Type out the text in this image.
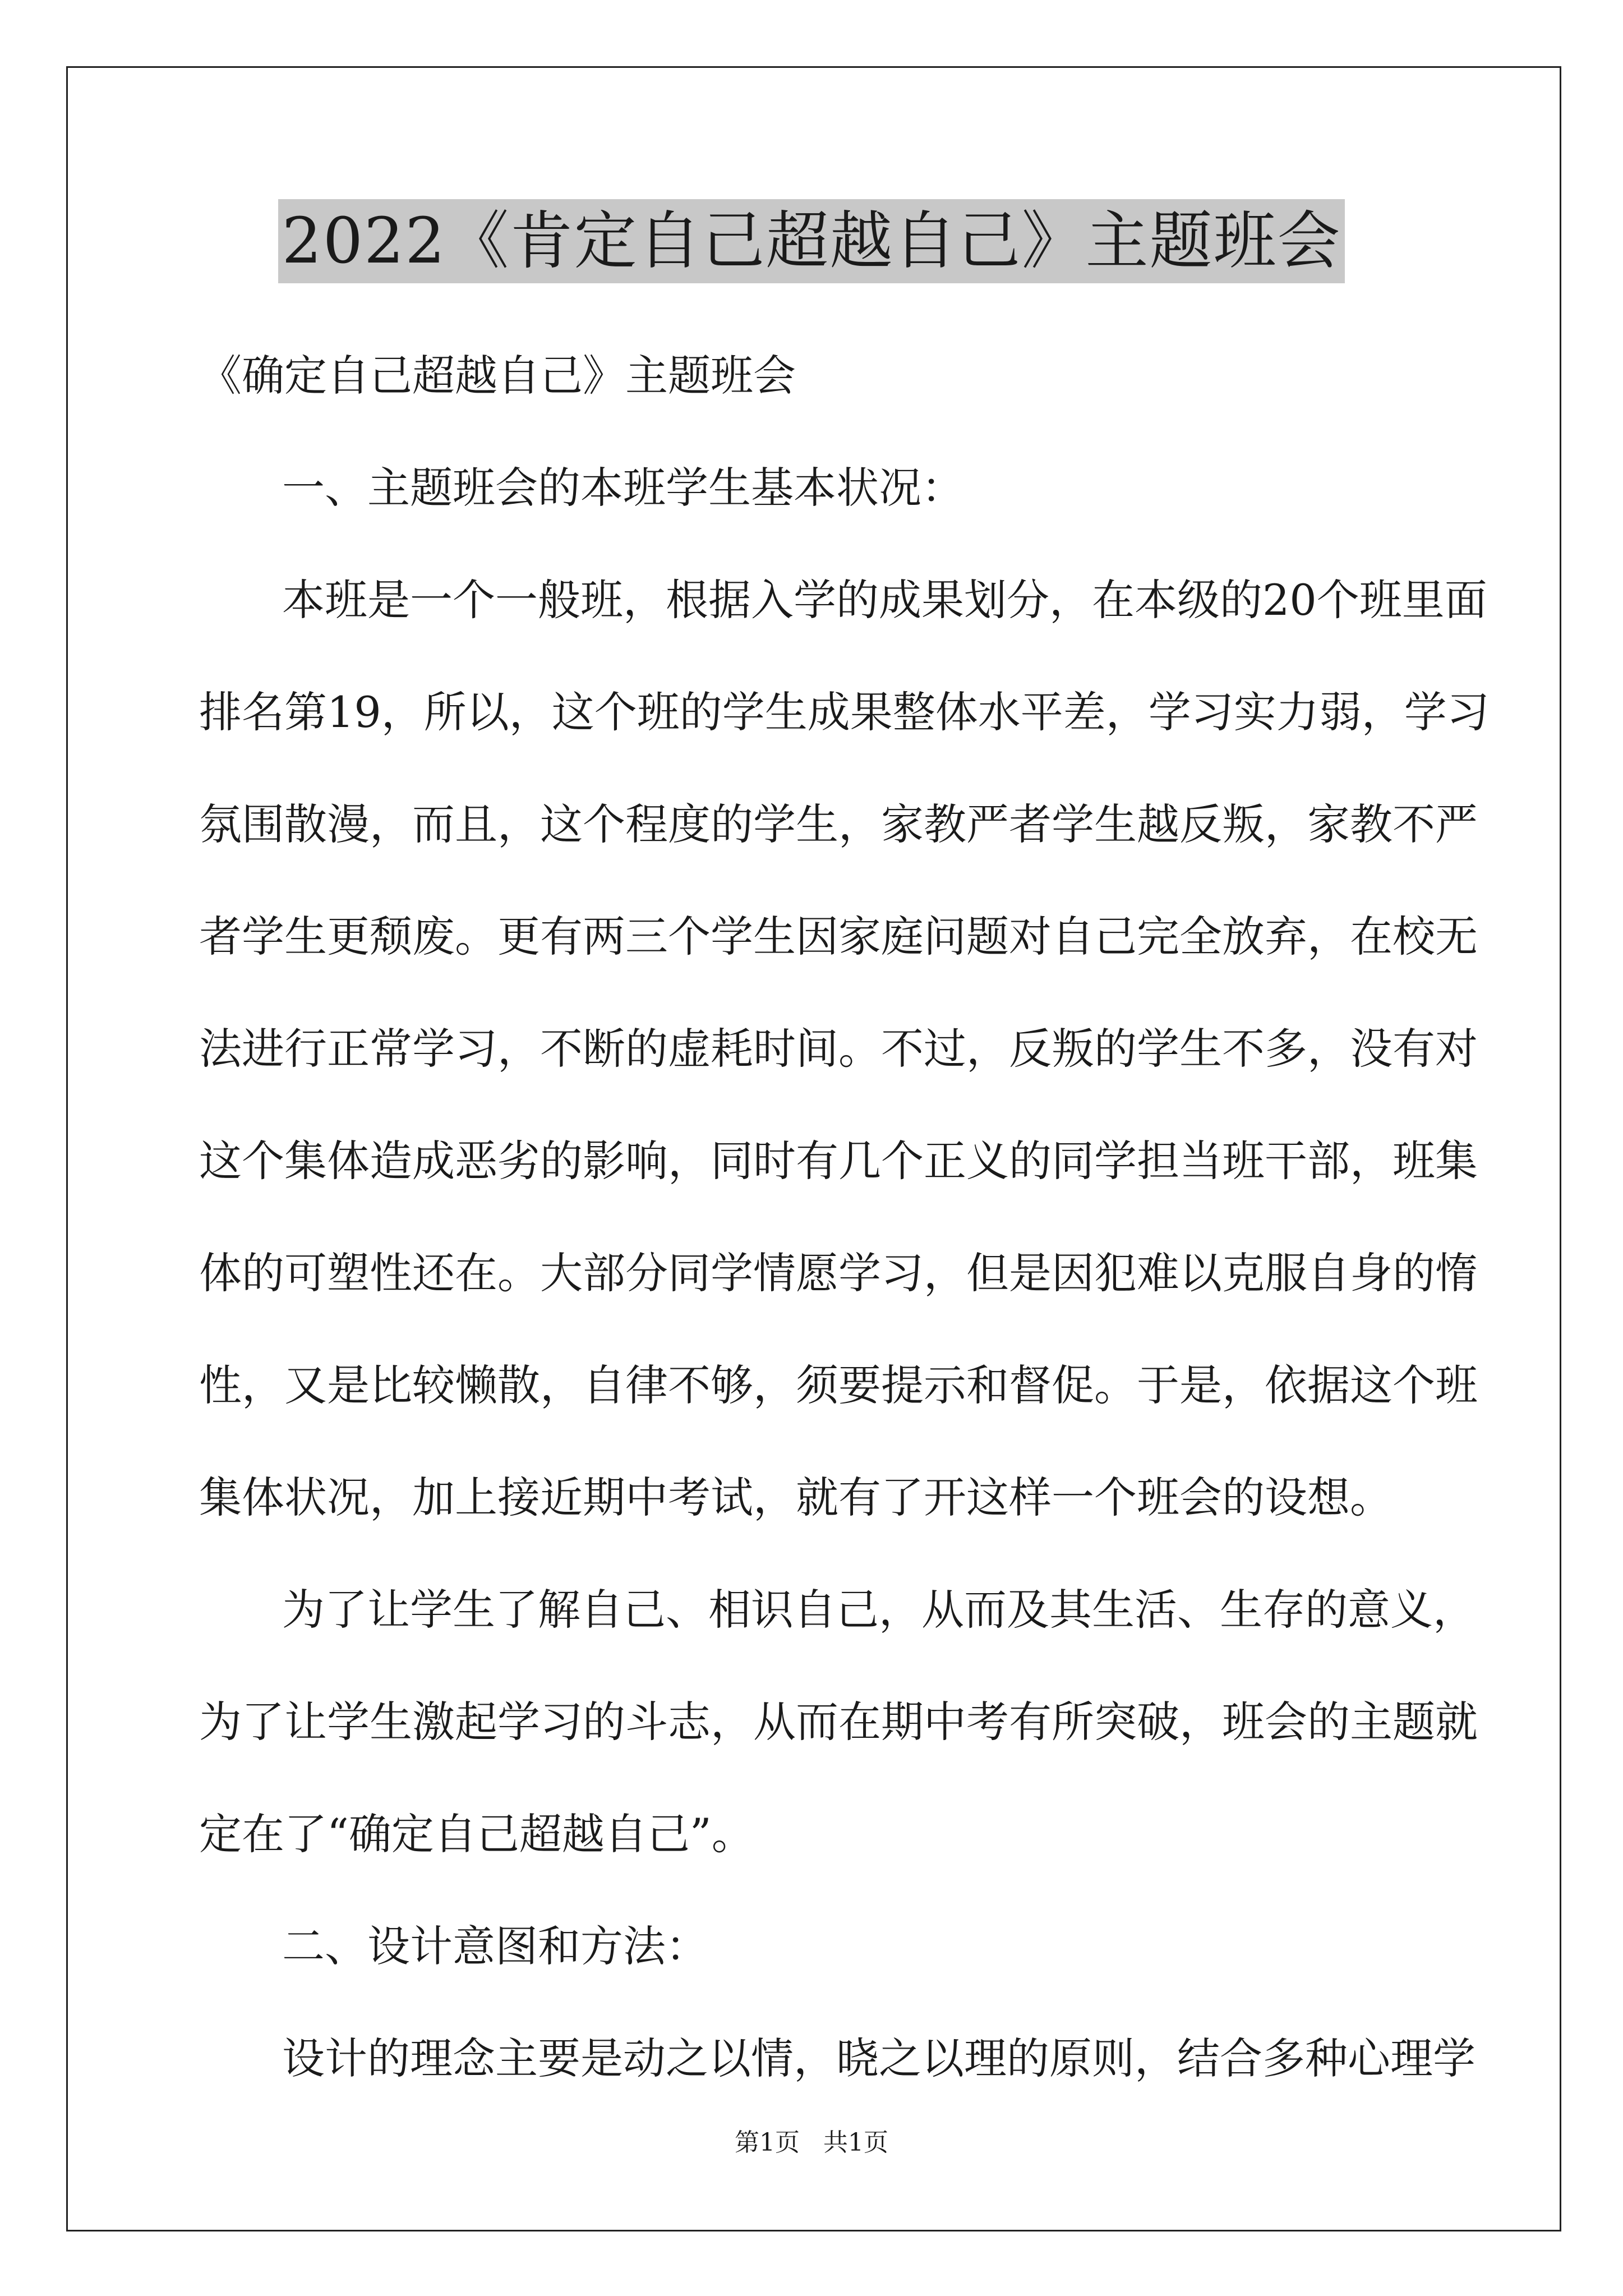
2022《肯定自己超越自己》主题班会
《确定自己超越自己》主题班会
一、主题班会的本班学生基本状况：
本班是一个一般班，根据入学的成果划分，在本级的20个班里面
排名第19，所以，这个班的学生成果整体水平差，学习实力弱，学习
氛围散漫，而且，这个程度的学生，家教严者学生越反叛，家教不严
者学生更颓废。更有两三个学生因家庭问题对自己完全放弃，在校无
法进行正常学习，不断的虚耗时间。不过，反叛的学生不多，没有对
这个集体造成恶劣的影响，同时有几个正义的同学担当班干部，班集
体的可塑性还在。大部分同学情愿学习，但是因犯难以克服自身的惰
性，又是比较懒散，自律不够，须要提示和督促。于是，依据这个班
集体状况，加上接近期中考试，就有了开这样一个班会的设想。
为了让学生了解自己、相识自己，从而及其生活、生存的意义，
为了让学生激起学习的斗志，从而在期中考有所突破，班会的主题就
定在了“确定自己超越自己”。
二、设计意图和方法：
设计的理念主要是动之以情，晓之以理的原则，结合多种心理学
第1页   共1页
